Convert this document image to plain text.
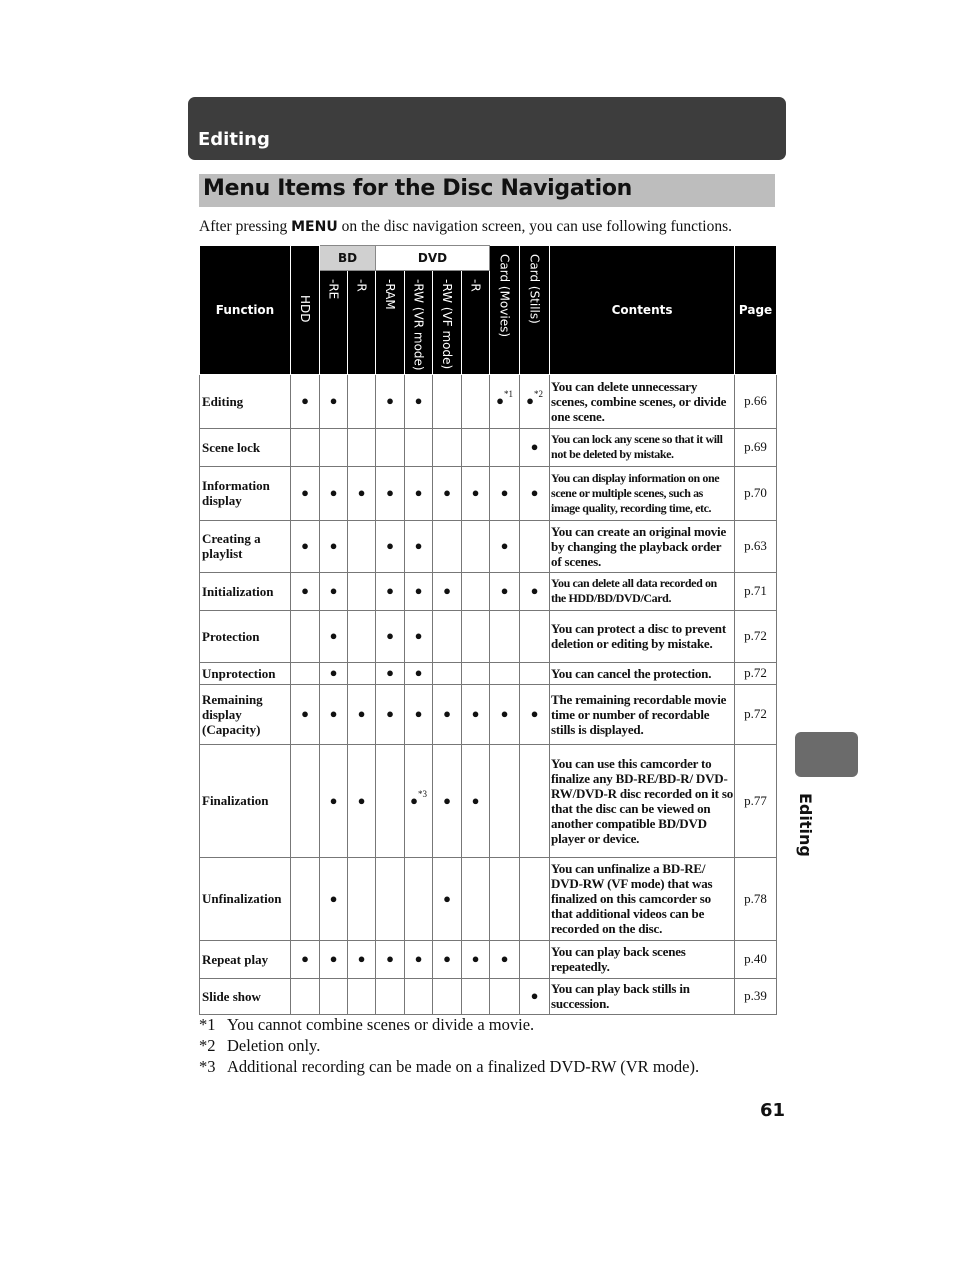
Editing
Menu Items for the Disc Navigation
After pressing MENU on the disc navigation screen, you can use following functions.
Function	HDD	BD		DVD				Card (Movies)	Card (Stills)	Contents	Page
		-RE	-R	-RAM	-RW (VR mode)	-RW (VF mode)	-R				
Editing	●	●		●	●			●$^{*1}$	●$^{*2}$	You can delete unnecessary scenes, combine scenes, or divide one scene.	p.66
Scene lock									●	You can lock any scene so that it will not be deleted by mistake.	p.69
Information display	●	●	●	●	●	●	●	●	●	You can display information on one scene or multiple scenes, such as image quality, recording time, etc.	p.70
Creating a playlist	●	●		●	●			●		You can create an original movie by changing the playback order of scenes.	p.63
Initialization	●	●		●	●	●		●	●	You can delete all data recorded on the HDD/BD/DVD/Card.	p.71
Protection		●		●	●					You can protect a disc to prevent deletion or editing by mistake.	p.72
Unprotection		●		●	●					You can cancel the protection.	p.72
Remaining display (Capacity)	●	●	●	●	●	●	●	●	●	The remaining recordable movie time or number of recordable stills is displayed.	p.72
Finalization		●	●		●$^{*3}$	●	●			You can use this camcorder to finalize any BD-RE/BD-R/ DVD-RW/DVD-R disc recorded on it so that the disc can be viewed on another compatible BD/DVD player or device.	p.77
Unfinalization		●				●				You can unfinalize a BD-RE/ DVD-RW (VF mode) that was finalized on this camcorder so that additional videos can be recorded on the disc.	p.78
Repeat play	●	●	●	●	●	●	●	●		You can play back scenes repeatedly.	p.40
Slide show									●	You can play back stills in succession.	p.39
*1 You cannot combine scenes or divide a movie.
*2 Deletion only.
*3 Additional recording can be made on a finalized DVD-RW (VR mode).
61
Editing
